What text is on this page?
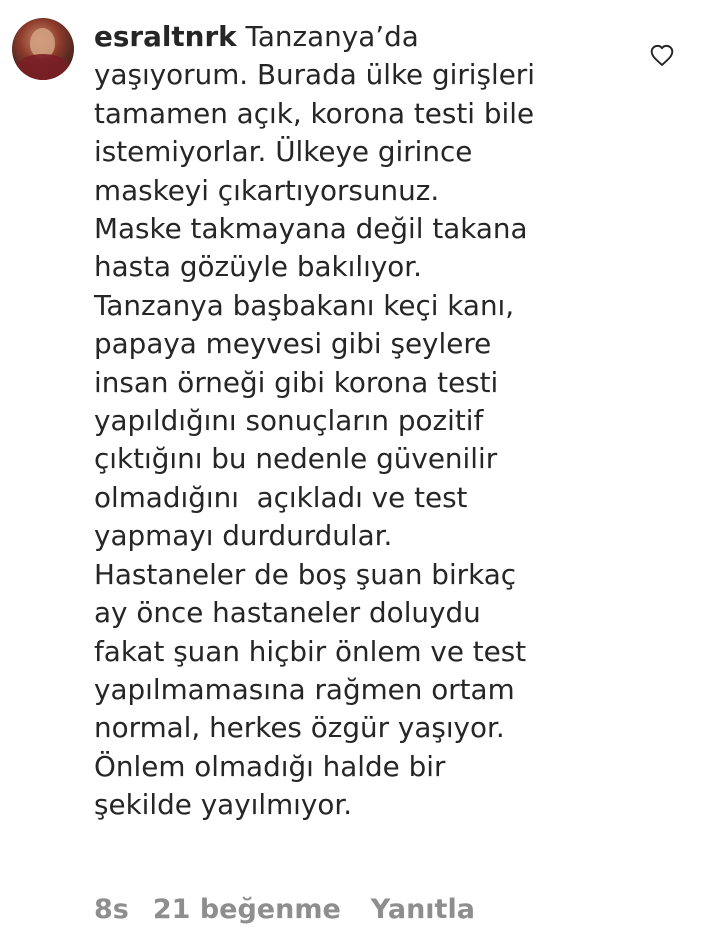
esraltnrk Tanzanya’da
yaşıyorum. Burada ülke girişleri
tamamen açık, korona testi bile
istemiyorlar. Ülkeye girince
maskeyi çıkartıyorsunuz.
Maske takmayana değil takana
hasta gözüyle bakılıyor.
Tanzanya başbakanı keçi kanı,
papaya meyvesi gibi şeylere
insan örneği gibi korona testi
yapıldığını sonuçların pozitif
çıktığını bu nedenle güvenilir
olmadığını  açıkladı ve test
yapmayı durdurdular.
Hastaneler de boş şuan birkaç
ay önce hastaneler doluydu
fakat şuan hiçbir önlem ve test
yapılmamasına rağmen ortam
normal, herkes özgür yaşıyor.
Önlem olmadığı halde bir
şekilde yayılmıyor.
8s 21 beğenme Yanıtla
